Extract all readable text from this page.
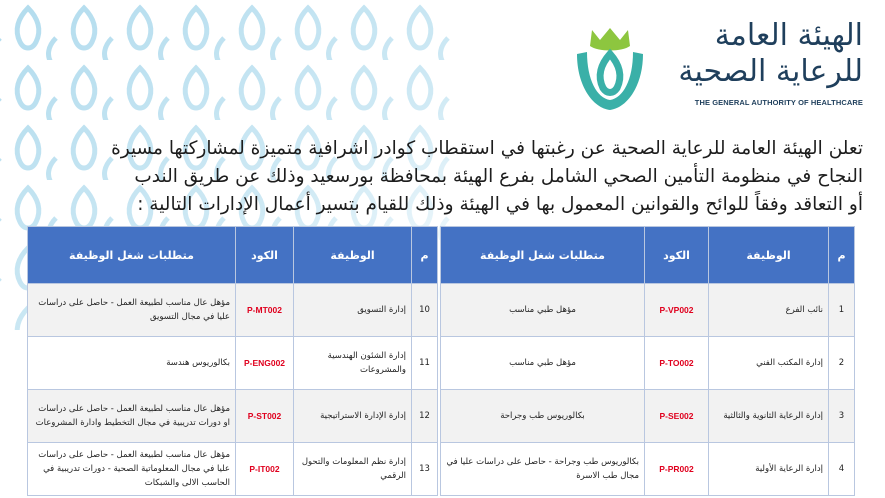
الهيئة العامة
للرعاية الصحية
THE GENERAL AUTHORITY OF HEALTHCARE
تعلن الهيئة العامة للرعاية الصحية عن رغبتها في استقطاب كوادر اشرافية متميزة لمشاركتها مسيرة
النجاح في منظومة التأمين الصحي الشامل بفرع الهيئة بمحافظة بورسعيد وذلك عن طريق الندب
أو التعاقد وفقاً للوائح والقوانين المعمول بها في الهيئة وذلك للقيام بتسير أعمال الإدارات التالية :
م	الوظيفة	الكود	متطلبات شغل الوظيفة
1	نائب الفرع	P-VP002	مؤهل طبي مناسب
2	إدارة المكتب الفني	P-TO002	مؤهل طبي مناسب
3	إدارة الرعاية الثانوية والثالثية	P-SE002	بكالوريوس طب وجراحة
4	إدارة الرعاية الأولية	P-PR002	بكالوريوس طب وجراحة - حاصل على دراسات عليا في مجال طب الاسرة
م	الوظيفة	الكود	متطلبات شغل الوظيفة
10	إدارة التسويق	P-MT002	مؤهل عال مناسب لطبيعة العمل - حاصل على دراسات عليا في مجال التسويق
11	إدارة الشئون الهندسية والمشروعات	P-ENG002	بكالوريوس هندسة
12	إدارة الإدارة الاستراتيجية	P-ST002	مؤهل عال مناسب لطبيعة العمل - حاصل على دراسات او دورات تدريبية في مجال التخطيط وادارة المشروعات
13	إدارة نظم المعلومات والتحول الرقمي	P-IT002	مؤهل عال مناسب لطبيعة العمل - حاصل على دراسات عليا في مجال المعلوماتية الصحية - دورات تدريبية في الحاسب الالى والشبكات
